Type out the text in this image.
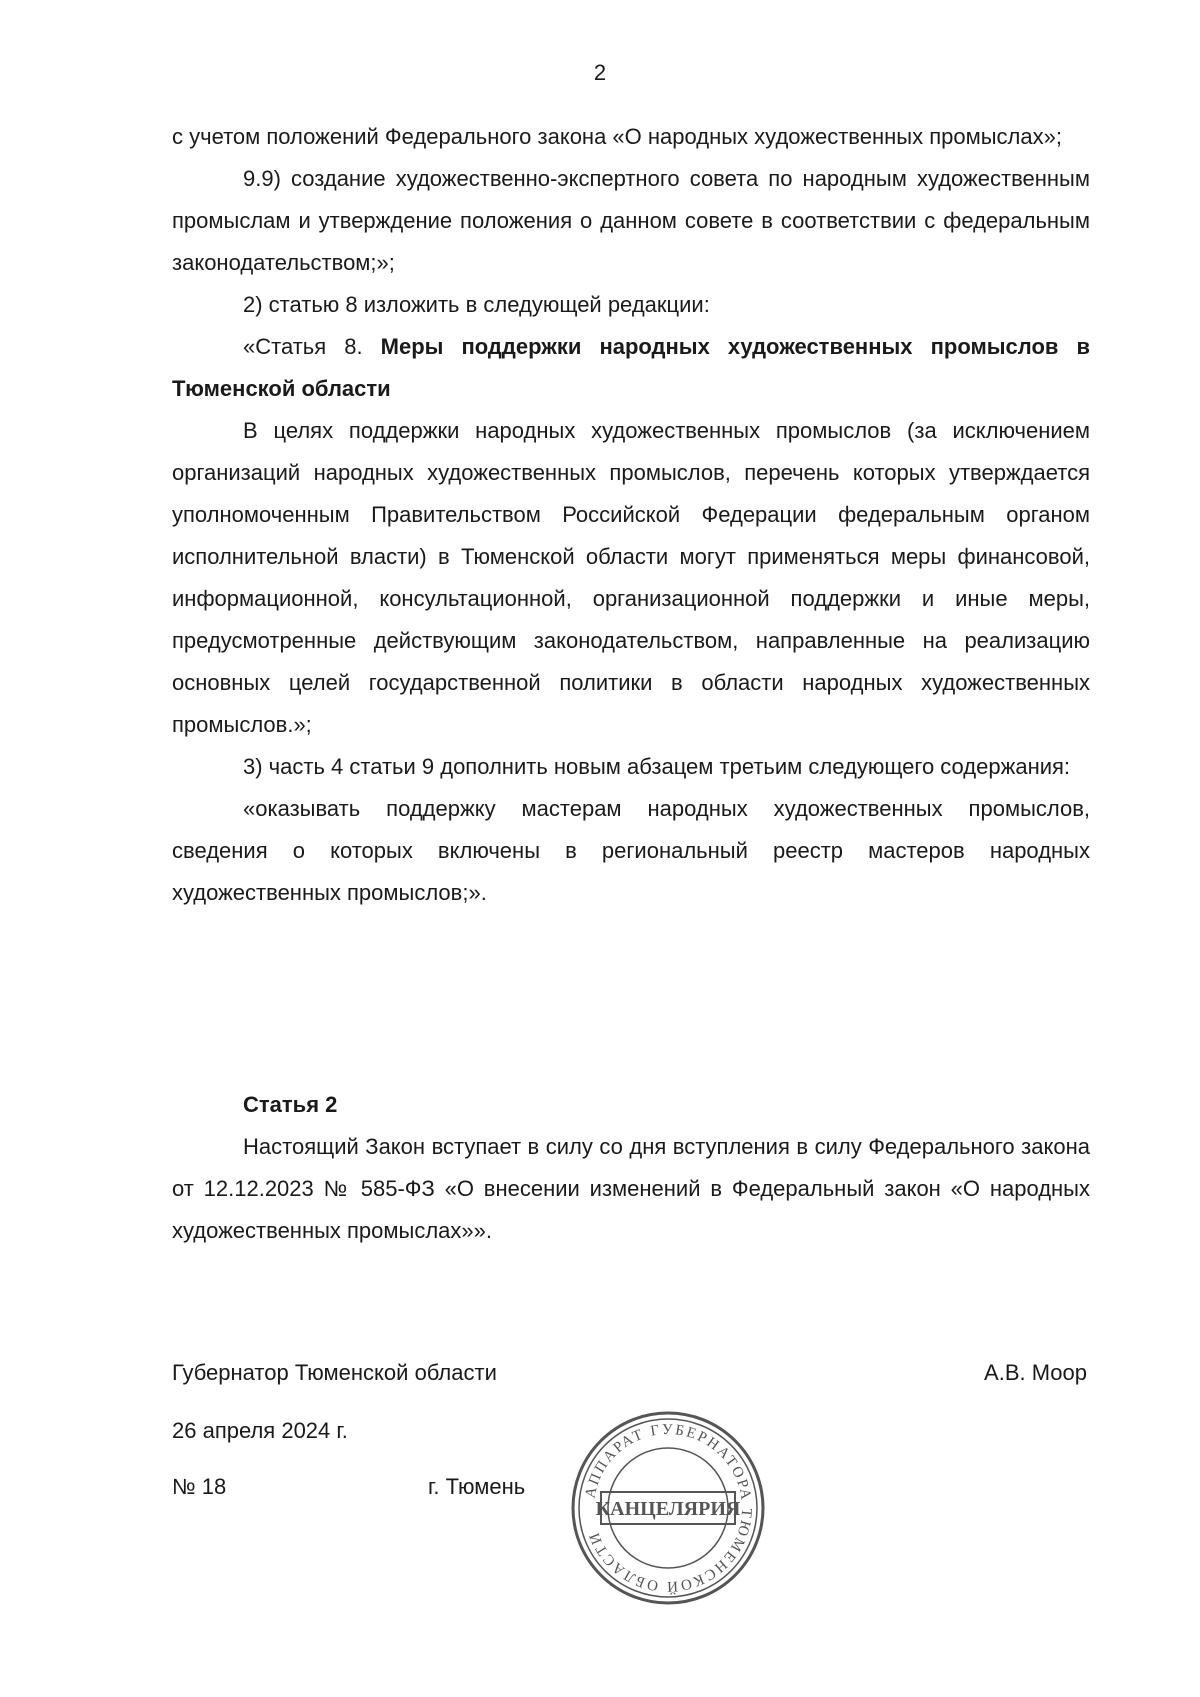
2

с учетом положений Федерального закона «О народных художественных промыслах»;

9.9) создание художественно-экспертного совета по народным художественным промыслам и утверждение положения о данном совете в соответствии с федеральным законодательством;»;

2) статью 8 изложить в следующей редакции:

«Статья 8. Меры поддержки народных художественных промыслов в Тюменской области

В целях поддержки народных художественных промыслов (за исключением организаций народных художественных промыслов, перечень которых утверждается уполномоченным Правительством Российской Федерации федеральным органом исполнительной власти) в Тюменской области могут применяться меры финансовой, информационной, консультационной, организационной поддержки и иные меры, предусмотренные действующим законодательством, направленные на реализацию основных целей государственной политики в области народных художественных промыслов.»;

3) часть 4 статьи 9 дополнить новым абзацем третьим следующего содержания:

«оказывать поддержку мастерам народных художественных промыслов, сведения о которых включены в региональный реестр мастеров народных художественных промыслов;».

Статья 2

Настоящий Закон вступает в силу со дня вступления в силу Федерального закона от 12.12.2023 № 585-ФЗ «О внесении изменений в Федеральный закон «О народных художественных промыслах»».

Губернатор Тюменской области	А.В. Моор
26 апреля 2024 г.
№ 18	г. Тюмень	АППАРАТ ГУБЕРНАТОРА ТЮМЕНСКОЙ ОБЛАСТИ
КАНЦЕЛЯРИЯ
